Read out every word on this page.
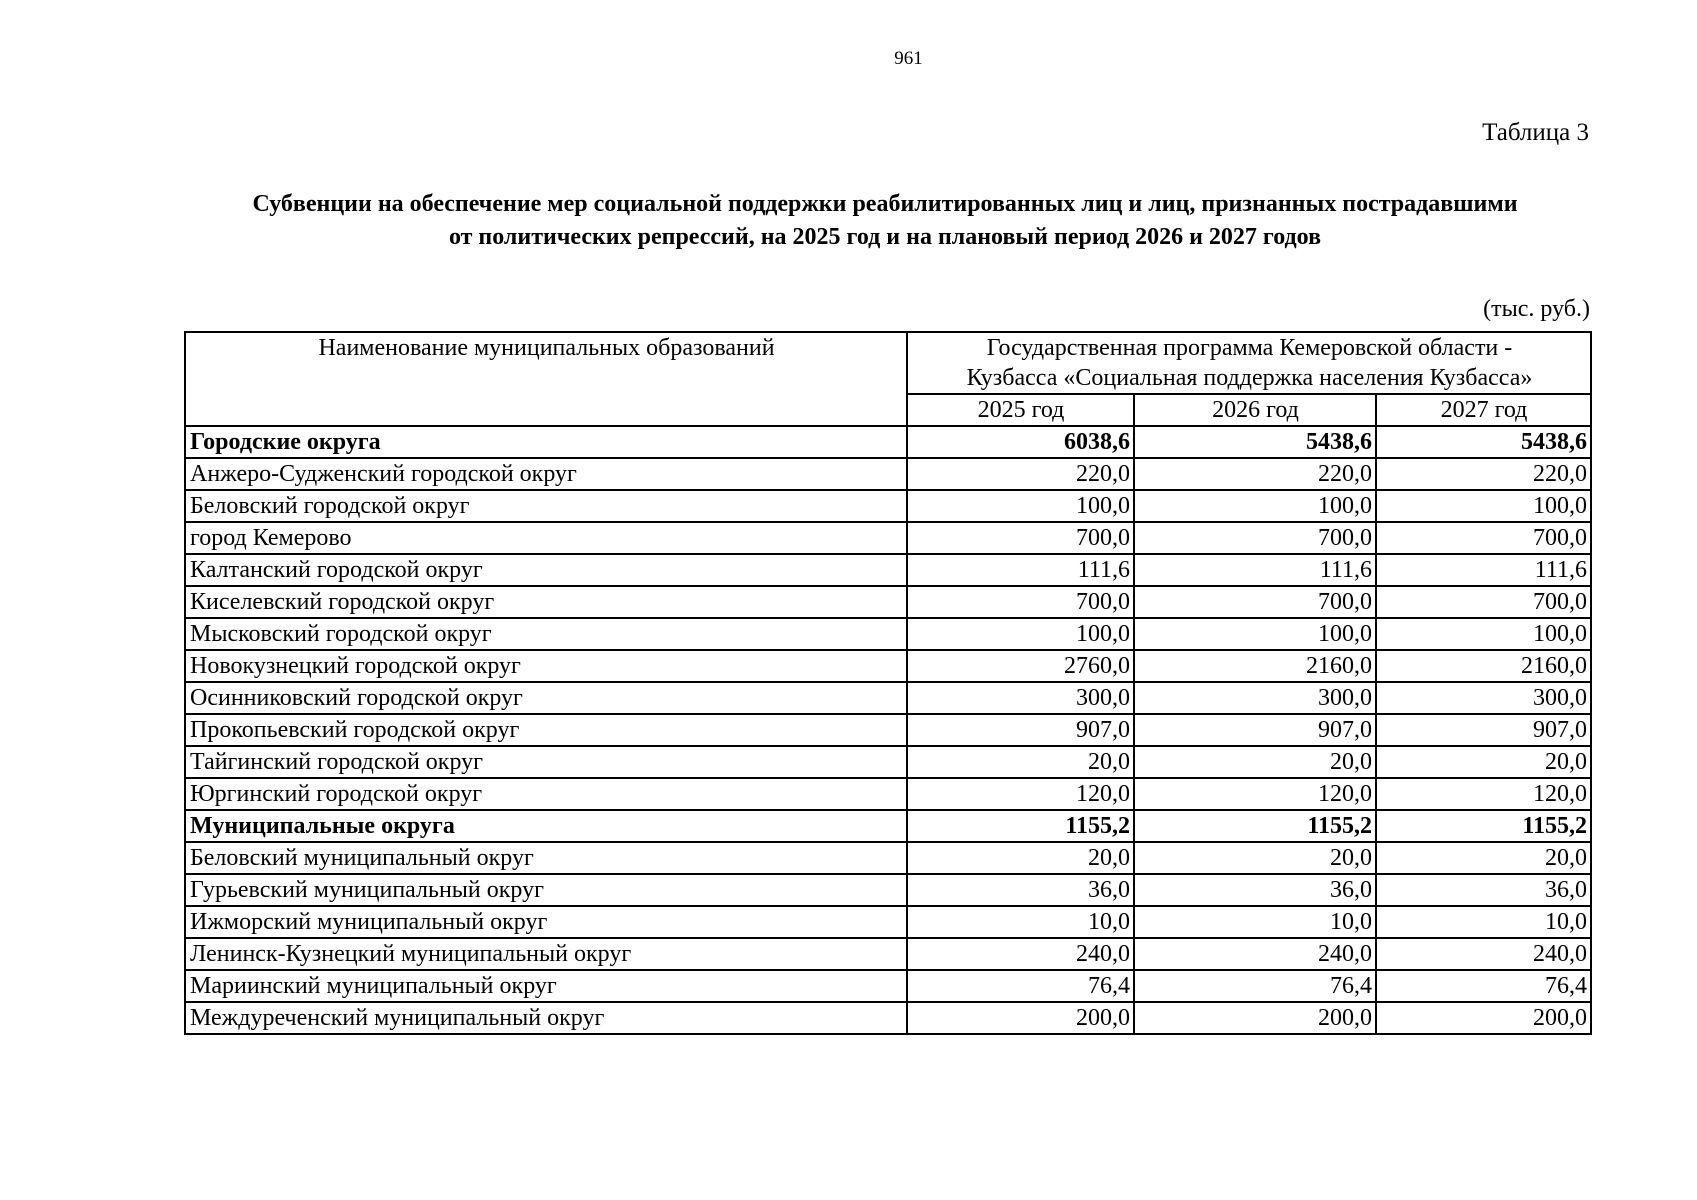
961
Таблица 3
Субвенции на обеспечение мер социальной поддержки реабилитированных лиц и лиц, признанных пострадавшими
от политических репрессий, на 2025 год и на плановый период 2026 и 2027 годов
(тыс. руб.)
Наименование муниципальных образований	Государственная программа Кемеровской области -
Кузбасса «Социальная поддержка населения Кузбасса»		

	2025 год	2026 год	2027 год
Городские округа	6038,6	5438,6	5438,6
Анжеро-Судженский городской округ	220,0	220,0	220,0
Беловский городской округ	100,0	100,0	100,0
город Кемерово	700,0	700,0	700,0
Калтанский городской округ	111,6	111,6	111,6
Киселевский городской округ	700,0	700,0	700,0
Мысковский городской округ	100,0	100,0	100,0
Новокузнецкий городской округ	2760,0	2160,0	2160,0
Осинниковский городской округ	300,0	300,0	300,0
Прокопьевский городской округ	907,0	907,0	907,0
Тайгинский городской округ	20,0	20,0	20,0
Юргинский городской округ	120,0	120,0	120,0
Муниципальные округа	1155,2	1155,2	1155,2
Беловский муниципальный округ	20,0	20,0	20,0
Гурьевский муниципальный округ	36,0	36,0	36,0
Ижморский муниципальный округ	10,0	10,0	10,0
Ленинск-Кузнецкий муниципальный округ	240,0	240,0	240,0
Мариинский муниципальный округ	76,4	76,4	76,4
Междуреченский муниципальный округ	200,0	200,0	200,0
